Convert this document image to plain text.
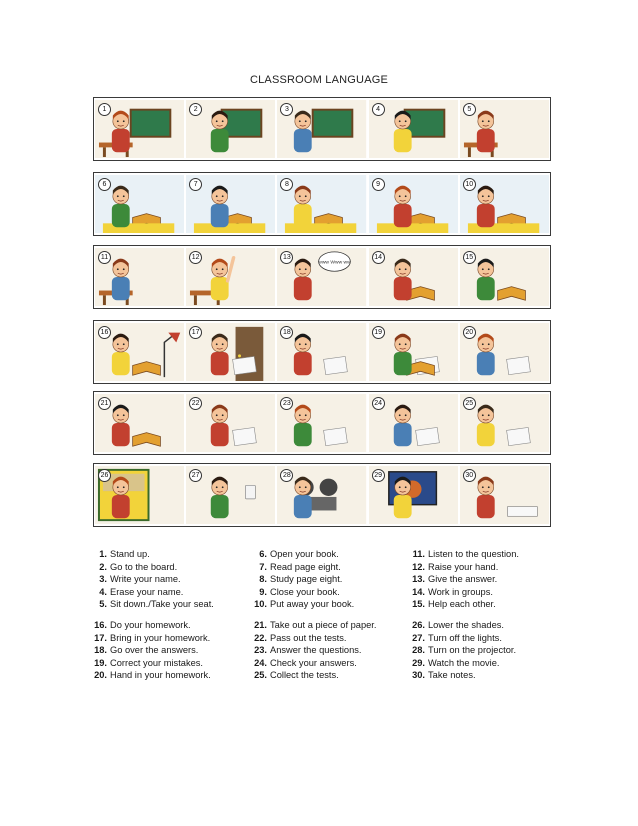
CLASSROOM LANGUAGE
1	2	3	4	5
6	7	8	9	10
11	12
www Www ww
13	14	15
16	17	18	19	20
21	22	23	24	25
26	27	28	29	30
1. Stand up.
2. Go to the board.
3. Write your name.
4. Erase your name.
5. Sit down./Take your seat.
16. Do your homework.
17. Bring in your homework.
18. Go over the answers.
19. Correct your mistakes.
20. Hand in your homework.
6. Open your book.
7. Read page eight.
8. Study page eight.
9. Close your book.
10. Put away your book.
21. Take out a piece of paper.
22. Pass out the tests.
23. Answer the questions.
24. Check your answers.
25. Collect the tests.
11. Listen to the question.
12. Raise your hand.
13. Give the answer.
14. Work in groups.
15. Help each other.
26. Lower the shades.
27. Turn off the lights.
28. Turn on the projector.
29. Watch the movie.
30. Take notes.
